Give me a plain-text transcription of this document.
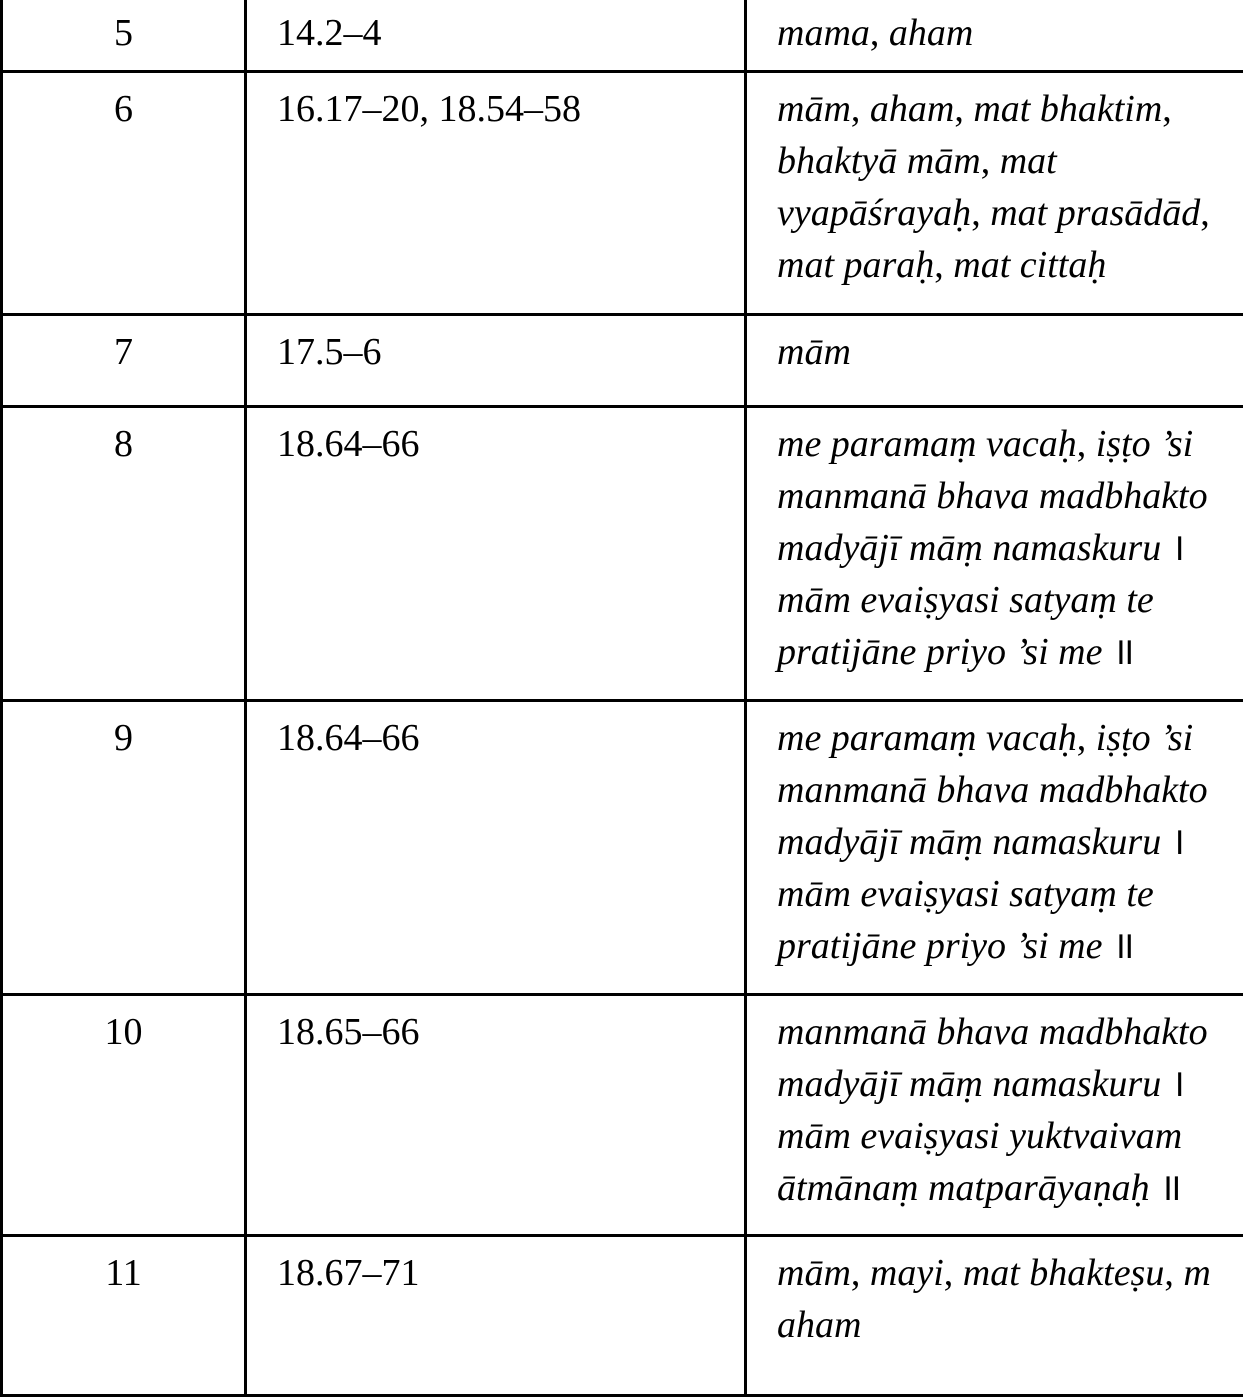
5	14.2–4	mama, aham

6	16.17–20, 18.54–58	mām, aham, mat bhaktim,
bhaktyā mām, mat
vyapāśrayaḥ, mat prasādād,
mat paraḥ, mat cittaḥ

7	17.5–6	mām

8	18.64–66	me paramaṃ vacaḥ, iṣṭo ’si
manmanā bhava madbhakto
madyājī māṃ namaskuru ।
mām evaiṣyasi satyaṃ te
pratijāne priyo ’si me ॥

9	18.64–66	me paramaṃ vacaḥ, iṣṭo ’si
manmanā bhava madbhakto
madyājī māṃ namaskuru ।
mām evaiṣyasi satyaṃ te
pratijāne priyo ’si me ॥

10	18.65–66	manmanā bhava madbhakto
madyājī māṃ namaskuru ।
mām evaiṣyasi yuktvaivam
ātmānaṃ matparāyaṇaḥ ॥

11	18.67–71	mām, mayi, mat bhakteṣu, m
aham
